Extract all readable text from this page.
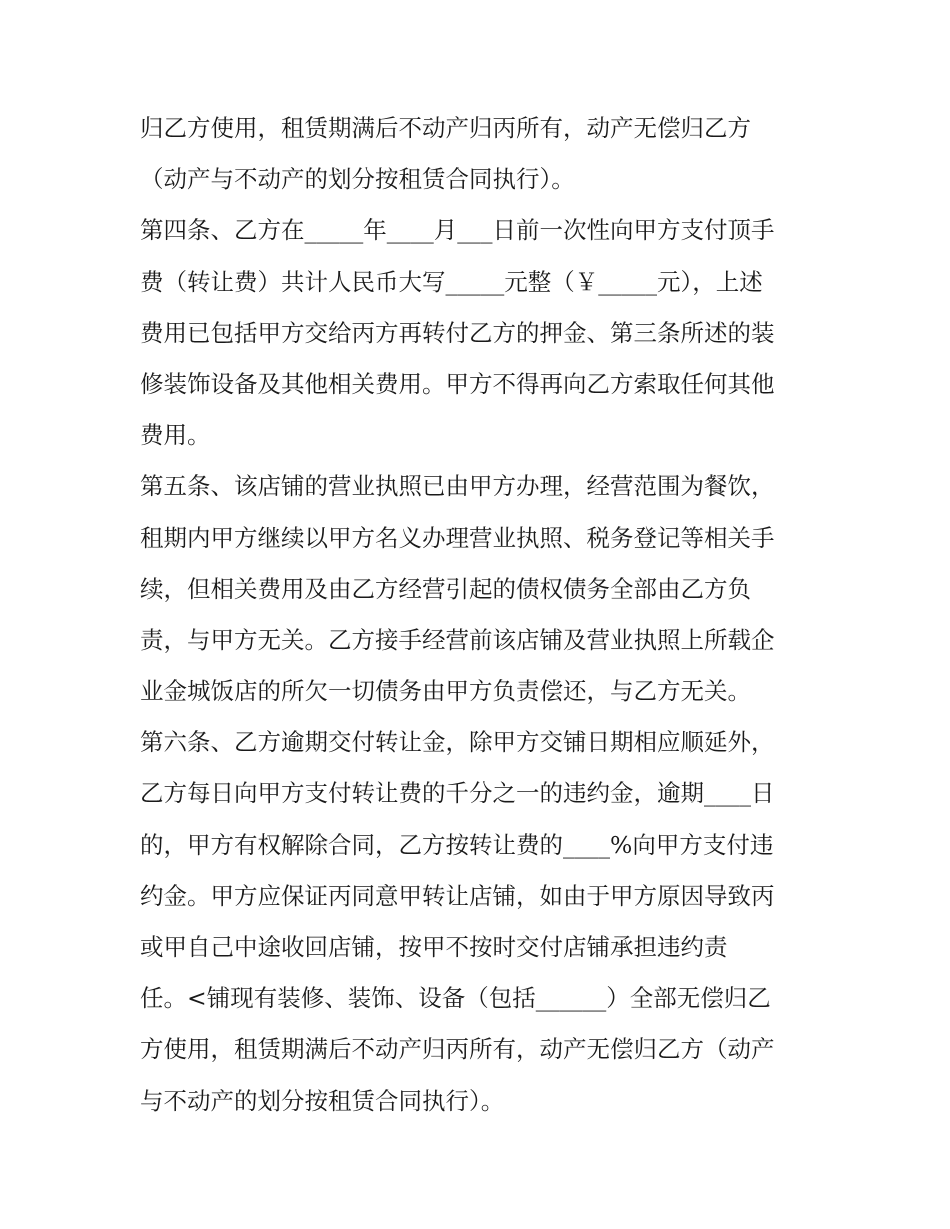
归乙方使用，租赁期满后不动产归丙所有，动产无偿归乙方
（动产与不动产的划分按租赁合同执行）。
第四条、乙方在_____年____月___日前一次性向甲方支付顶手
费（转让费）共计人民币大写_____元整（￥_____元），上述
费用已包括甲方交给丙方再转付乙方的押金、第三条所述的装
修装饰设备及其他相关费用。甲方不得再向乙方索取任何其他
费用。
第五条、该店铺的营业执照已由甲方办理，经营范围为餐饮，
租期内甲方继续以甲方名义办理营业执照、税务登记等相关手
续，但相关费用及由乙方经营引起的债权债务全部由乙方负
责，与甲方无关。乙方接手经营前该店铺及营业执照上所载企
业金城饭店的所欠一切债务由甲方负责偿还，与乙方无关。
第六条、乙方逾期交付转让金，除甲方交铺日期相应顺延外，
乙方每日向甲方支付转让费的千分之一的违约金，逾期____日
的，甲方有权解除合同，乙方按转让费的____%向甲方支付违
约金。甲方应保证丙同意甲转让店铺，如由于甲方原因导致丙
或甲自己中途收回店铺，按甲不按时交付店铺承担违约责
任。<铺现有装修、装饰、设备（包括______）全部无偿归乙
方使用，租赁期满后不动产归丙所有，动产无偿归乙方（动产
与不动产的划分按租赁合同执行）。
